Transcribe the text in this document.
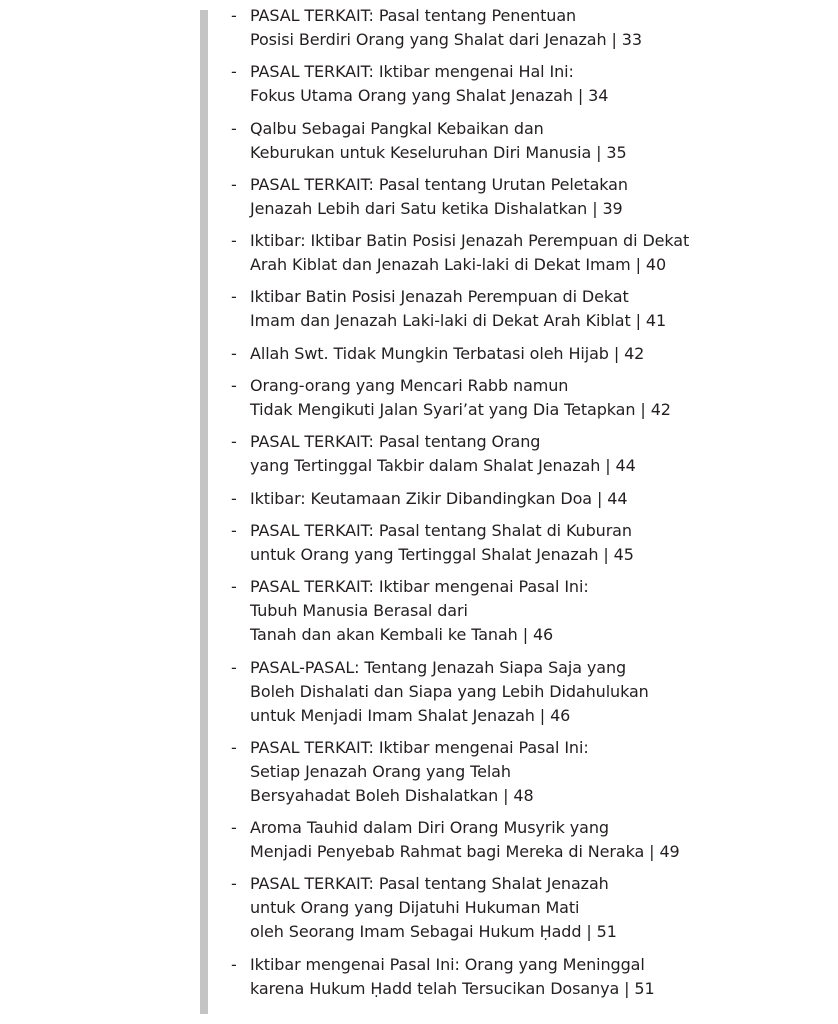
- PASAL TERKAIT: Pasal tentang Penentuan
Posisi Berdiri Orang yang Shalat dari Jenazah | 33
- PASAL TERKAIT: Iktibar mengenai Hal Ini:
Fokus Utama Orang yang Shalat Jenazah | 34
- Qalbu Sebagai Pangkal Kebaikan dan
Keburukan untuk Keseluruhan Diri Manusia | 35
- PASAL TERKAIT: Pasal tentang Urutan Peletakan
Jenazah Lebih dari Satu ketika Dishalatkan | 39
- Iktibar: Iktibar Batin Posisi Jenazah Perempuan di Dekat
Arah Kiblat dan Jenazah Laki-laki di Dekat Imam | 40
- Iktibar Batin Posisi Jenazah Perempuan di Dekat
Imam dan Jenazah Laki-laki di Dekat Arah Kiblat | 41
- Allah Swt. Tidak Mungkin Terbatasi oleh Hijab | 42
- Orang-orang yang Mencari Rabb namun
Tidak Mengikuti Jalan Syari’at yang Dia Tetapkan | 42
- PASAL TERKAIT: Pasal tentang Orang
yang Tertinggal Takbir dalam Shalat Jenazah | 44
- Iktibar: Keutamaan Zikir Dibandingkan Doa | 44
- PASAL TERKAIT: Pasal tentang Shalat di Kuburan
untuk Orang yang Tertinggal Shalat Jenazah | 45
- PASAL TERKAIT: Iktibar mengenai Pasal Ini:
Tubuh Manusia Berasal dari
Tanah dan akan Kembali ke Tanah | 46
- PASAL-PASAL: Tentang Jenazah Siapa Saja yang
Boleh Dishalati dan Siapa yang Lebih Didahulukan
untuk Menjadi Imam Shalat Jenazah | 46
- PASAL TERKAIT: Iktibar mengenai Pasal Ini:
Setiap Jenazah Orang yang Telah
Bersyahadat Boleh Dishalatkan | 48
- Aroma Tauhid dalam Diri Orang Musyrik yang
Menjadi Penyebab Rahmat bagi Mereka di Neraka | 49
- PASAL TERKAIT: Pasal tentang Shalat Jenazah
untuk Orang yang Dijatuhi Hukuman Mati
oleh Seorang Imam Sebagai Hukum Ḥadd | 51
- Iktibar mengenai Pasal Ini: Orang yang Meninggal
karena Hukum Ḥadd telah Tersucikan Dosanya | 51
